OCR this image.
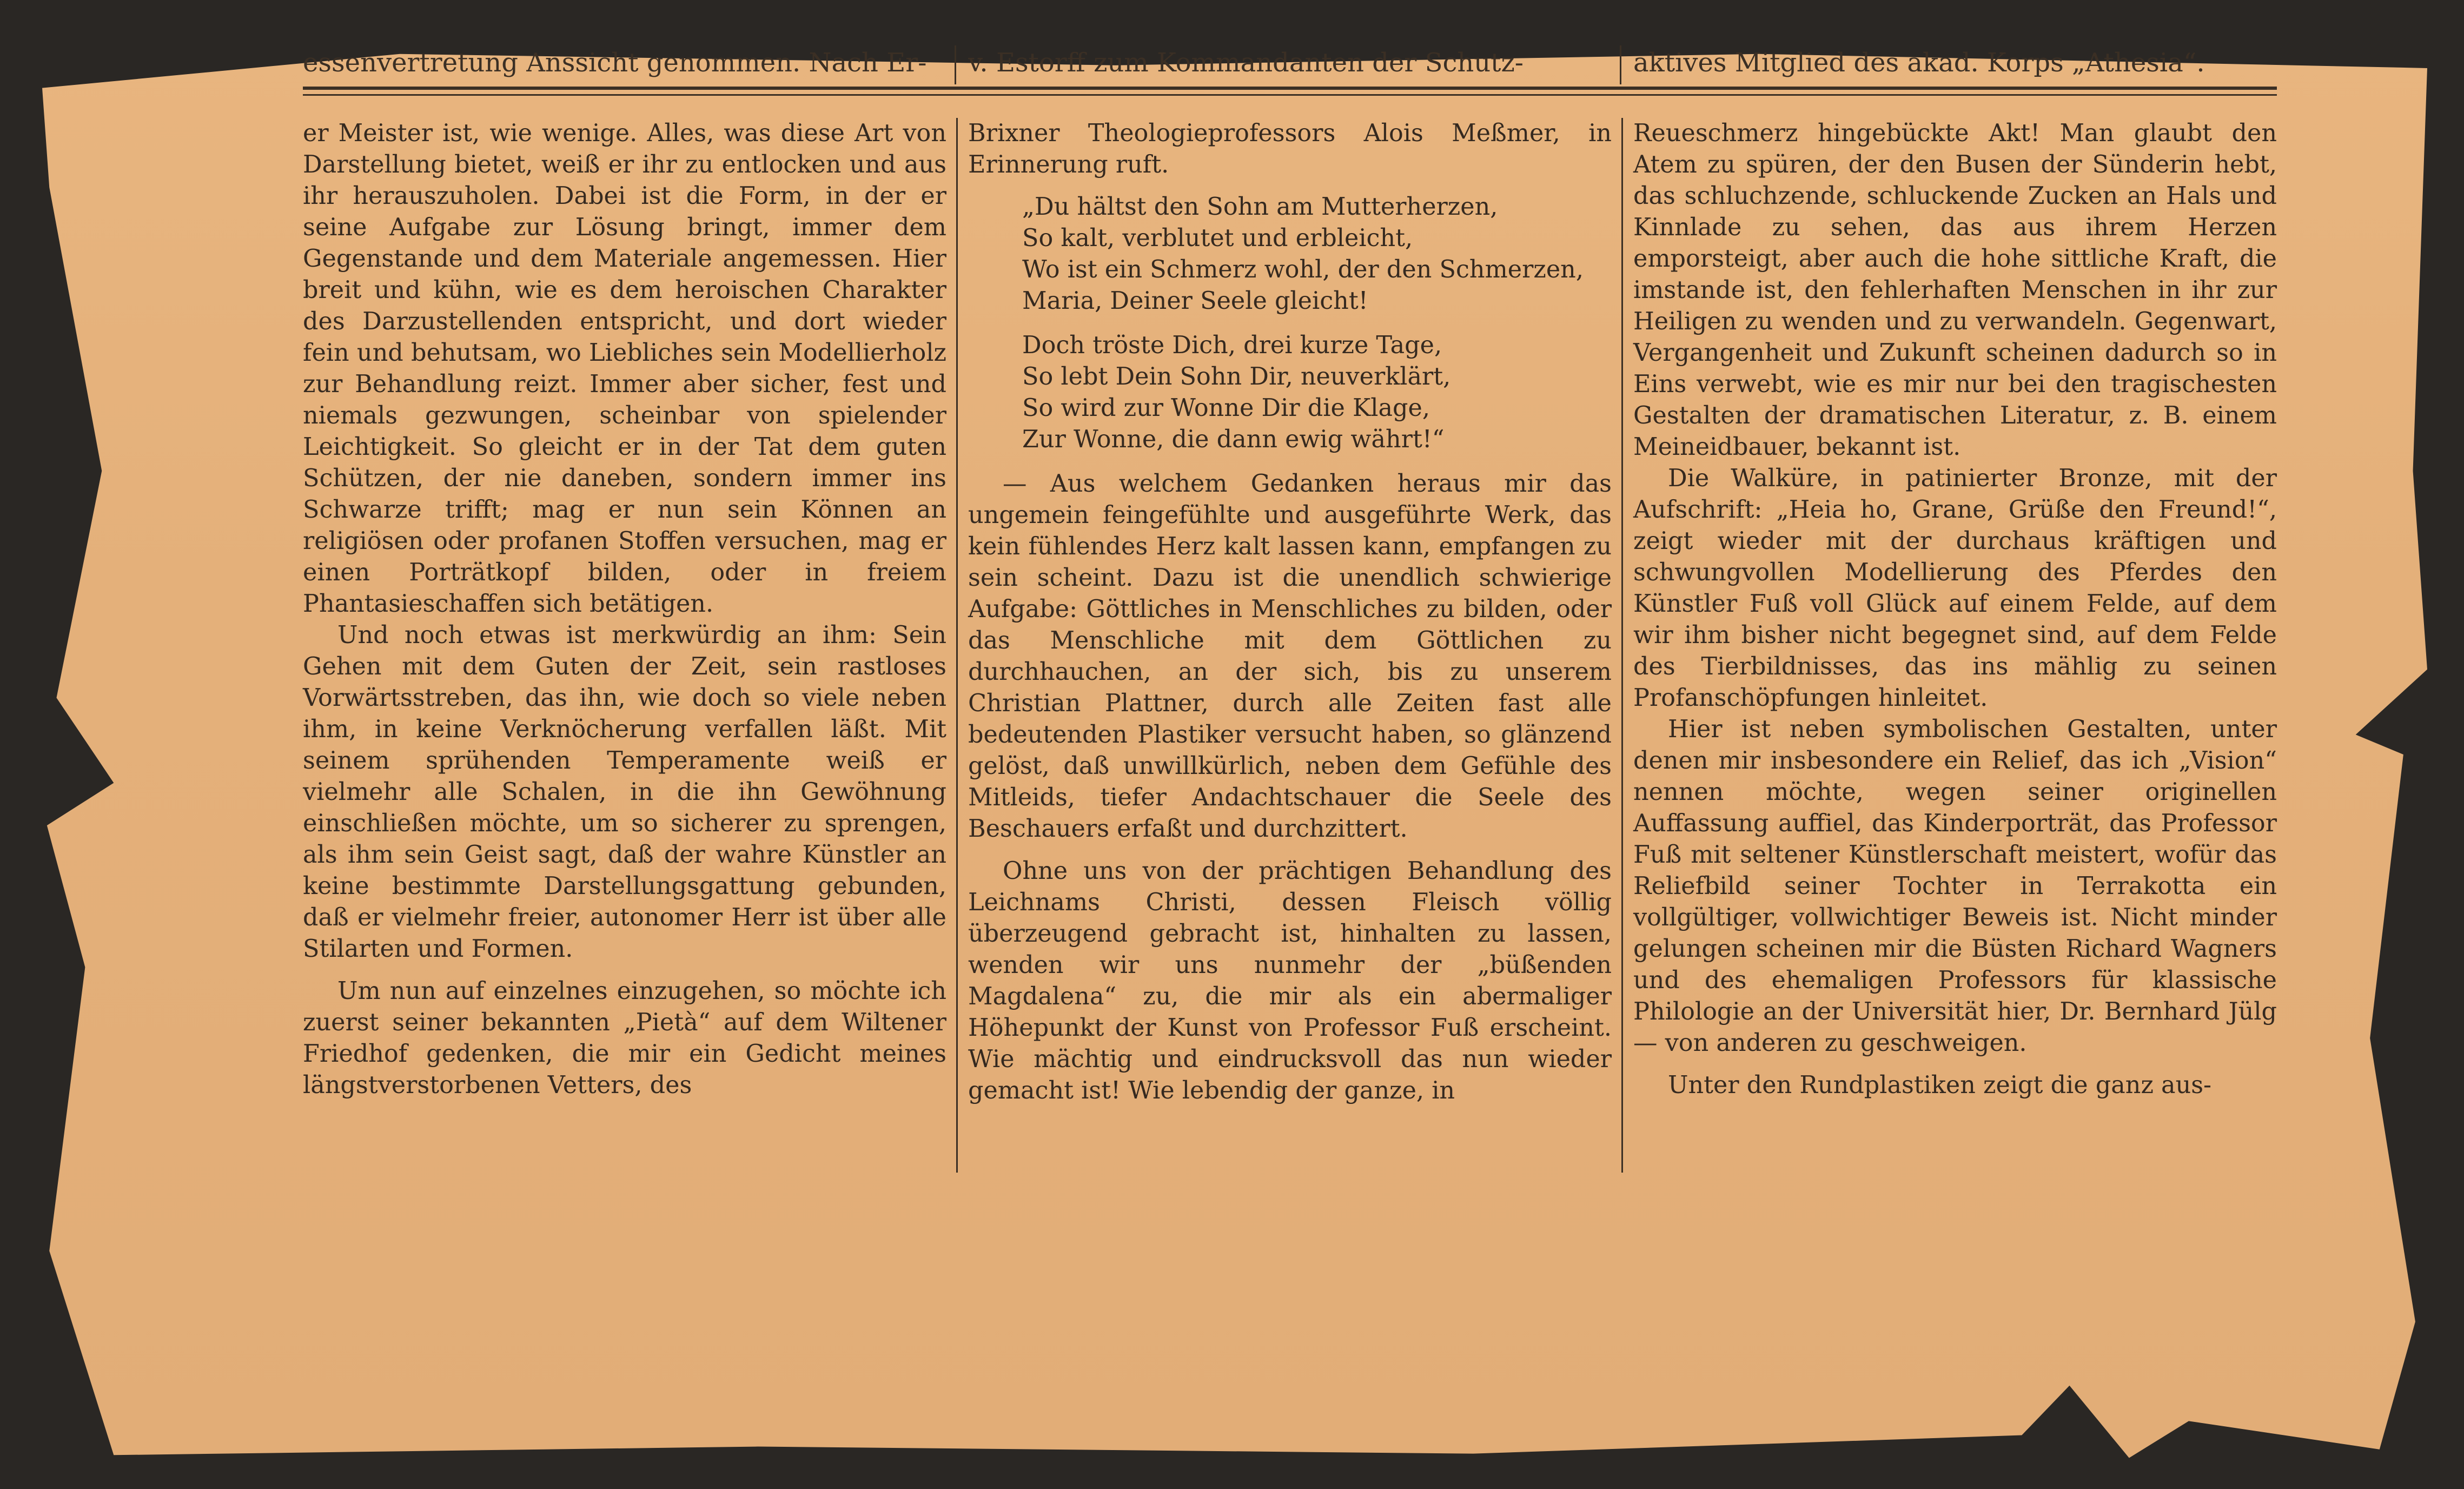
essenvertretung Anssicht genommen. Nach Er-	v. Estorff zum Kommandanten der Schutz-	aktives Mitglied des akad. Korps „Athesia“.

er Meister ist, wie wenige. Alles, was diese Art von Darstellung bietet, weiß er ihr zu entlocken und aus ihr herauszuholen. Dabei ist die Form, in der er seine Aufgabe zur Lösung bringt, immer dem Gegenstande und dem Materiale angemessen. Hier breit und kühn, wie es dem heroischen Charakter des Darzustellenden entspricht, und dort wieder fein und behutsam, wo Liebliches sein Modellierholz zur Behandlung reizt. Immer aber sicher, fest und niemals gezwungen, scheinbar von spielender Leichtigkeit. So gleicht er in der Tat dem guten Schützen, der nie daneben, sondern immer ins Schwarze trifft; mag er nun sein Können an religiösen oder profanen Stoffen versuchen, mag er einen Porträtkopf bilden, oder in freiem Phantasieschaffen sich betätigen.

Und noch etwas ist merkwürdig an ihm: Sein Gehen mit dem Guten der Zeit, sein rastloses Vorwärtsstreben, das ihn, wie doch so viele neben ihm, in keine Verknöcherung verfallen läßt. Mit seinem sprühenden Temperamente weiß er vielmehr alle Schalen, in die ihn Gewöhnung einschließen möchte, um so sicherer zu sprengen, als ihm sein Geist sagt, daß der wahre Künstler an keine bestimmte Darstellungsgattung gebunden, daß er vielmehr freier, autonomer Herr ist über alle Stilarten und Formen.

Um nun auf einzelnes einzugehen, so möchte ich zuerst seiner bekannten „Pietà“ auf dem Wiltener Friedhof gedenken, die mir ein Gedicht meines längstverstorbenen Vetters, des

Brixner Theologieprofessors Alois Meßmer, in Erinnerung ruft.

„Du hältst den Sohn am Mutterherzen,
So kalt, verblutet und erbleicht,
Wo ist ein Schmerz wohl, der den Schmerzen,
Maria, Deiner Seele gleicht!
Doch tröste Dich, drei kurze Tage,
So lebt Dein Sohn Dir, neuverklärt,
So wird zur Wonne Dir die Klage,
Zur Wonne, die dann ewig währt!“

— Aus welchem Gedanken heraus mir das ungemein feingefühlte und ausgeführte Werk, das kein fühlendes Herz kalt lassen kann, empfangen zu sein scheint. Dazu ist die unendlich schwierige Aufgabe: Göttliches in Menschliches zu bilden, oder das Menschliche mit dem Göttlichen zu durchhauchen, an der sich, bis zu unserem Christian Plattner, durch alle Zeiten fast alle bedeutenden Plastiker versucht haben, so glänzend gelöst, daß unwillkürlich, neben dem Gefühle des Mitleids, tiefer Andachtschauer die Seele des Beschauers erfaßt und durchzittert.

Ohne uns von der prächtigen Behandlung des Leichnams Christi, dessen Fleisch völlig überzeugend gebracht ist, hinhalten zu lassen, wenden wir uns nunmehr der „büßenden Magdalena“ zu, die mir als ein abermaliger Höhepunkt der Kunst von Professor Fuß erscheint. Wie mächtig und eindrucksvoll das nun wieder gemacht ist! Wie lebendig der ganze, in

Reueschmerz hingebückte Akt! Man glaubt den Atem zu spüren, der den Busen der Sünderin hebt, das schluchzende, schluckende Zucken an Hals und Kinnlade zu sehen, das aus ihrem Herzen emporsteigt, aber auch die hohe sittliche Kraft, die imstande ist, den fehlerhaften Menschen in ihr zur Heiligen zu wenden und zu verwandeln. Gegenwart, Vergangenheit und Zukunft scheinen dadurch so in Eins verwebt, wie es mir nur bei den tragischesten Gestalten der dramatischen Literatur, z. B. einem Meineidbauer, bekannt ist.

Die Walküre, in patinierter Bronze, mit der Aufschrift: „Heia ho, Grane, Grüße den Freund!“, zeigt wieder mit der durchaus kräftigen und schwungvollen Modellierung des Pferdes den Künstler Fuß voll Glück auf einem Felde, auf dem wir ihm bisher nicht begegnet sind, auf dem Felde des Tierbildnisses, das ins mählig zu seinen Profanschöpfungen hinleitet.

Hier ist neben symbolischen Gestalten, unter denen mir insbesondere ein Relief, das ich „Vision“ nennen möchte, wegen seiner originellen Auffassung auffiel, das Kinderporträt, das Professor Fuß mit seltener Künstlerschaft meistert, wofür das Reliefbild seiner Tochter in Terrakotta ein vollgültiger, vollwichtiger Beweis ist. Nicht minder gelungen scheinen mir die Büsten Richard Wagners und des ehemaligen Professors für klassische Philologie an der Universität hier, Dr. Bernhard Jülg — von anderen zu geschweigen.

Unter den Rundplastiken zeigt die ganz aus-
